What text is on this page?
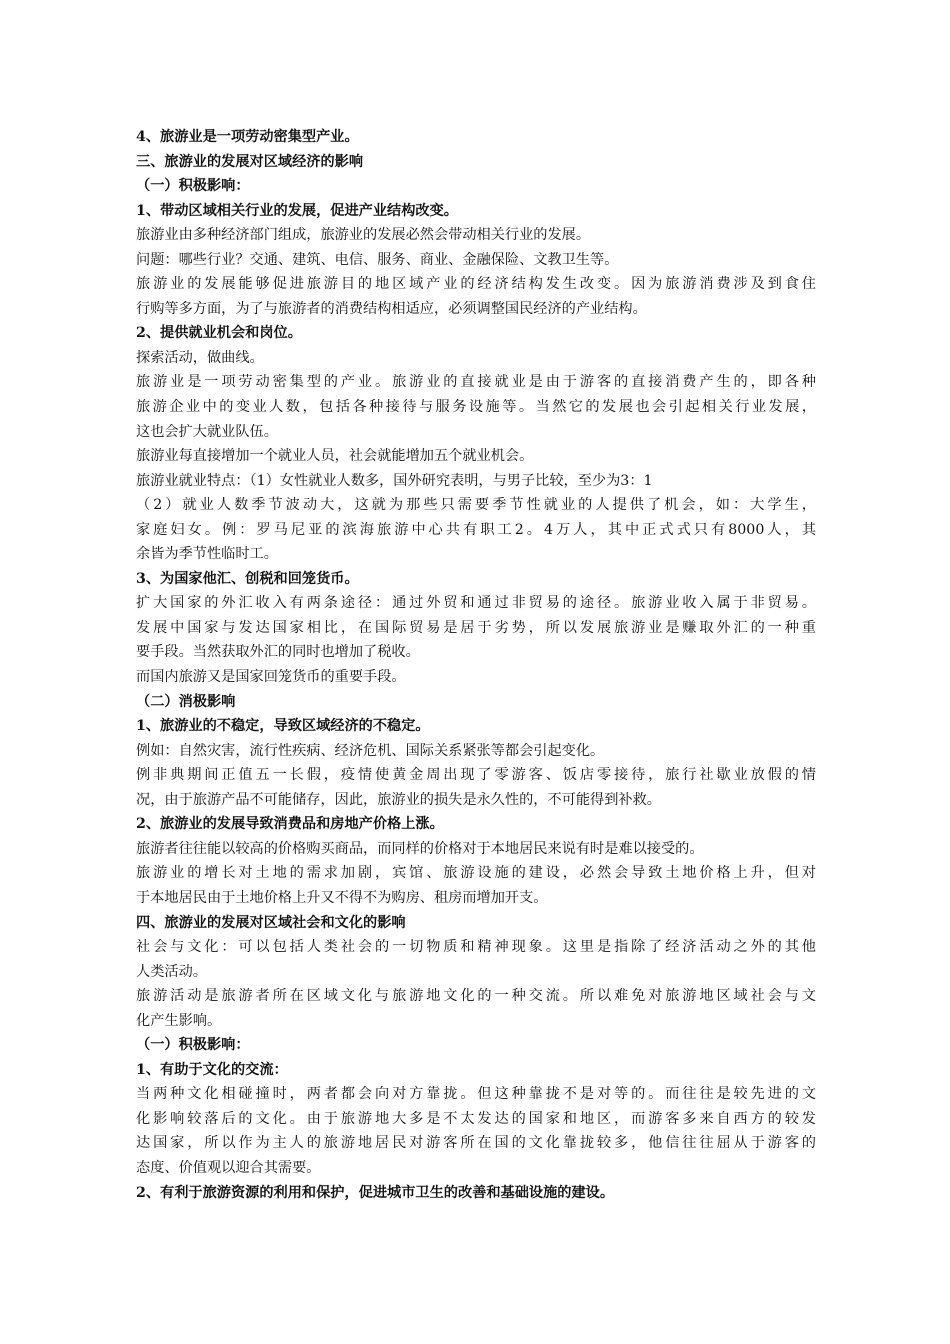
4、旅游业是一项劳动密集型产业。
三、旅游业的发展对区域经济的影响
（一）积极影响：
1、带动区域相关行业的发展，促进产业结构改变。
旅游业由多种经济部门组成，旅游业的发展必然会带动相关行业的发展。
问题：哪些行业？交通、建筑、电信、服务、商业、金融保险、文教卫生等。
旅游业的发展能够促进旅游目的地区域产业的经济结构发生改变。因为旅游消费涉及到食住
行购等多方面，为了与旅游者的消费结构相适应，必须调整国民经济的产业结构。
2、提供就业机会和岗位。
探索活动，做曲线。
旅游业是一项劳动密集型的产业。旅游业的直接就业是由于游客的直接消费产生的，即各种
旅游企业中的变业人数，包括各种接待与服务设施等。当然它的发展也会引起相关行业发展，
这也会扩大就业队伍。
旅游业每直接增加一个就业人员，社会就能增加五个就业机会。
旅游业就业特点：（1）女性就业人数多，国外研究表明，与男子比较，至少为3：1
（2）就业人数季节波动大，这就为那些只需要季节性就业的人提供了机会，如：大学生，
家庭妇女。例：罗马尼亚的滨海旅游中心共有职工2。4万人，其中正式式只有8000人，其
余皆为季节性临时工。
3、为国家他汇、创税和回笼货币。
扩大国家的外汇收入有两条途径：通过外贸和通过非贸易的途径。旅游业收入属于非贸易。
发展中国家与发达国家相比，在国际贸易是居于劣势，所以发展旅游业是赚取外汇的一种重
要手段。当然获取外汇的同时也增加了税收。
而国内旅游又是国家回笼货币的重要手段。
（二）消极影响
1、旅游业的不稳定，导致区域经济的不稳定。
例如：自然灾害，流行性疾病、经济危机、国际关系紧张等都会引起变化。
例非典期间正值五一长假，疫情使黄金周出现了零游客、饭店零接待，旅行社歇业放假的情
况，由于旅游产品不可能储存，因此，旅游业的损失是永久性的，不可能得到补救。
2、旅游业的发展导致消费品和房地产价格上涨。
旅游者往往能以较高的价格购买商品，而同样的价格对于本地居民来说有时是难以接受的。
旅游业的增长对土地的需求加剧，宾馆、旅游设施的建设，必然会导致土地价格上升，但对
于本地居民由于土地价格上升又不得不为购房、租房而增加开支。
四、旅游业的发展对区域社会和文化的影响
社会与文化：可以包括人类社会的一切物质和精神现象。这里是指除了经济活动之外的其他
人类活动。
旅游活动是旅游者所在区域文化与旅游地文化的一种交流。所以难免对旅游地区域社会与文
化产生影响。
（一）积极影响：
1、有助于文化的交流：
当两种文化相碰撞时，两者都会向对方靠拢。但这种靠拢不是对等的。而往往是较先进的文
化影响较落后的文化。由于旅游地大多是不太发达的国家和地区，而游客多来自西方的较发
达国家，所以作为主人的旅游地居民对游客所在国的文化靠拢较多，他信往往屈从于游客的
态度、价值观以迎合其需要。
2、有利于旅游资源的利用和保护，促进城市卫生的改善和基础设施的建设。
